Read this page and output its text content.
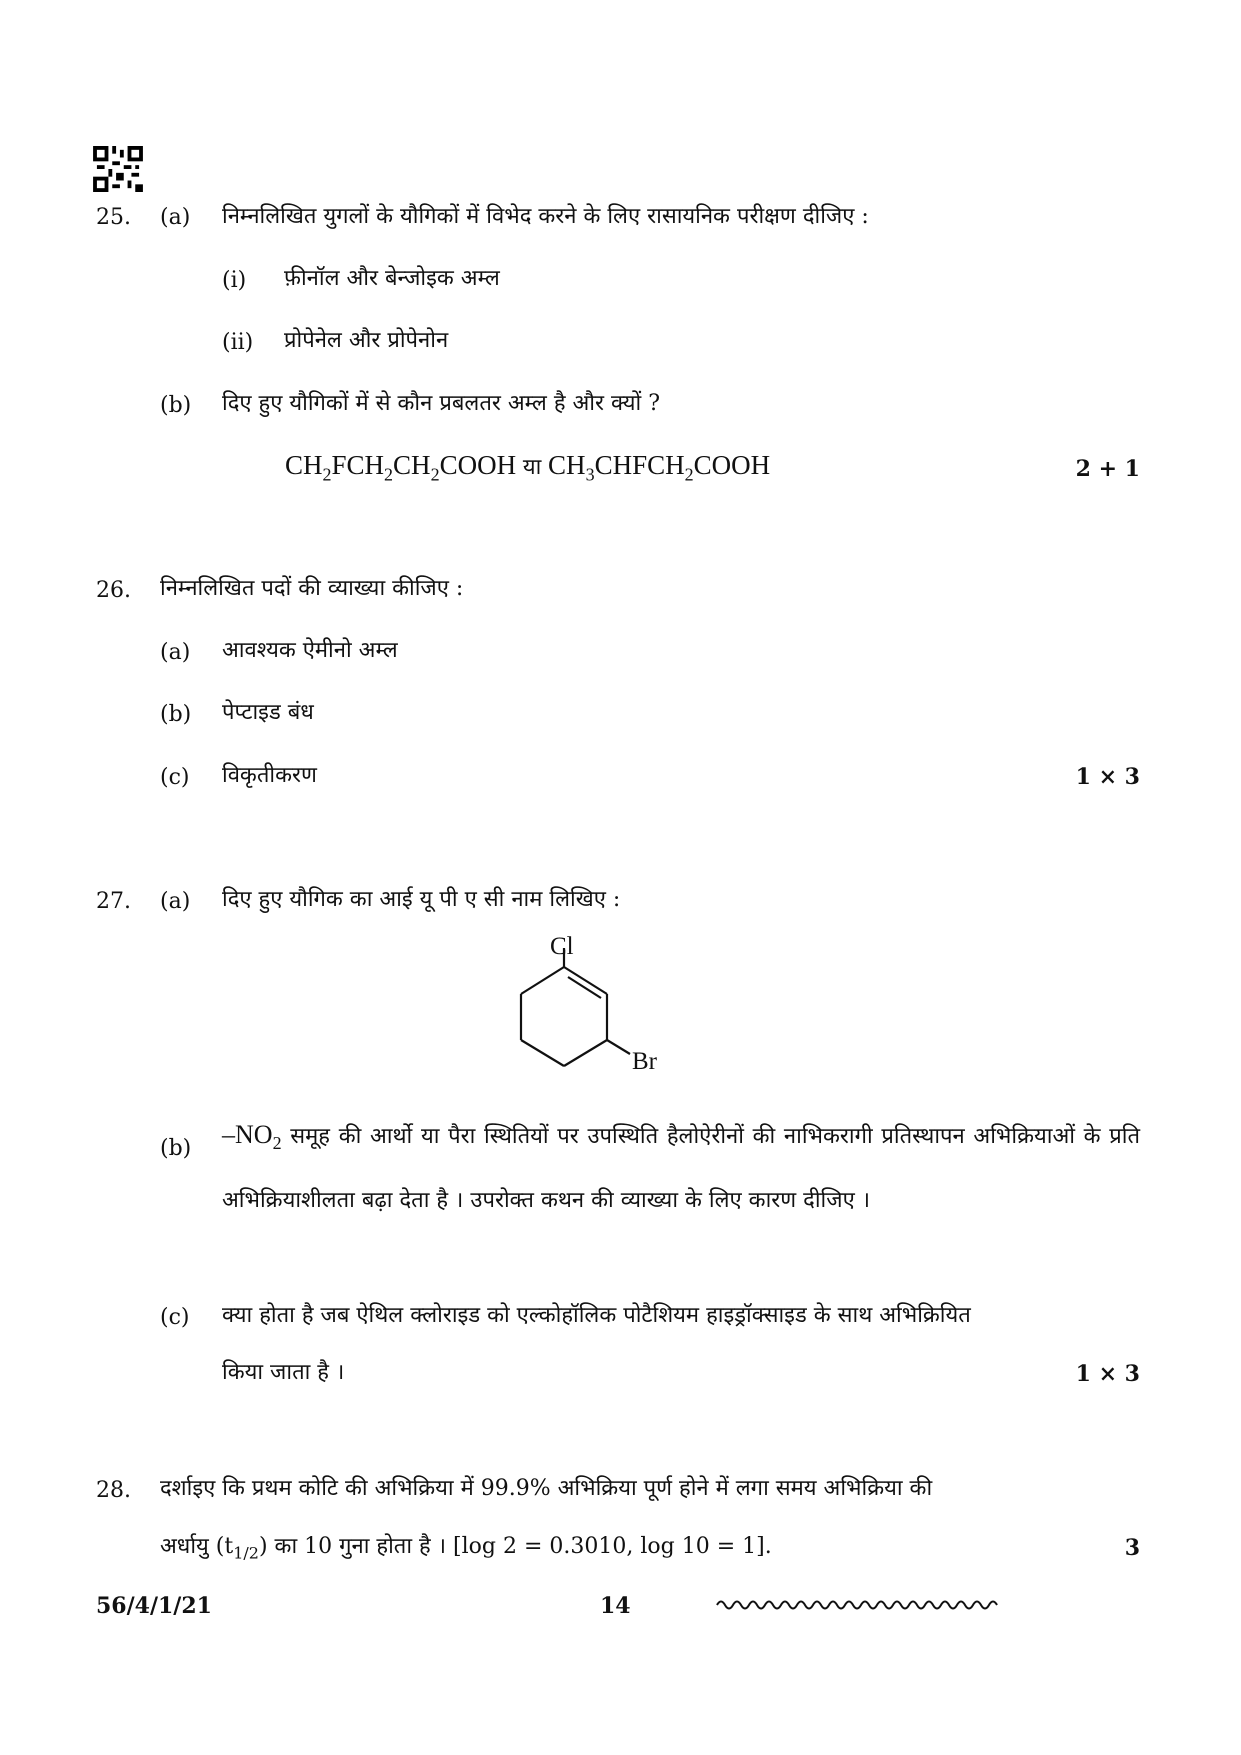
25. (a) निम्नलिखित युगलों के यौगिकों में विभेद करने के लिए रासायनिक परीक्षण दीजिए :
(i) फ़ीनॉल और बेन्जोइक अम्ल
(ii) प्रोपेनेल और प्रोपेनोन
(b) दिए हुए यौगिकों में से कौन प्रबलतर अम्ल है और क्यों ?
$CH_2FCH_2CH_2COOH$ या $CH_3CHFCH_2COOH$	2 + 1
26. निम्नलिखित पदों की व्याख्या कीजिए :
(a) आवश्यक ऐमीनो अम्ल
(b) पेप्टाइड बंध
(c) विकृतीकरण	1 × 3
27. (a) दिए हुए यौगिक का आई यू पी ए सी नाम लिखिए :
Cl
Br
(b) $-NO_2$ समूह की आर्थो या पैरा स्थितियों पर उपस्थिति हैलोऐरीनों की नाभिकरागी प्रतिस्थापन अभिक्रियाओं के प्रति अभिक्रियाशीलता बढ़ा देता है । उपरोक्त कथन की व्याख्या के लिए कारण दीजिए ।
(c) क्या होता है जब ऐथिल क्लोराइड को एल्कोहॉलिक पोटैशियम हाइड्रॉक्साइड के साथ अभिक्रियित
किया जाता है ।	1 × 3
28. दर्शाइए कि प्रथम कोटि की अभिक्रिया में 99.9% अभिक्रिया पूर्ण होने में लगा समय अभिक्रिया की
अर्धायु $(t_{1/2})$ का 10 गुना होता है । [log 2 = 0.3010, log 10 = 1].	3
56/4/1/21	14
